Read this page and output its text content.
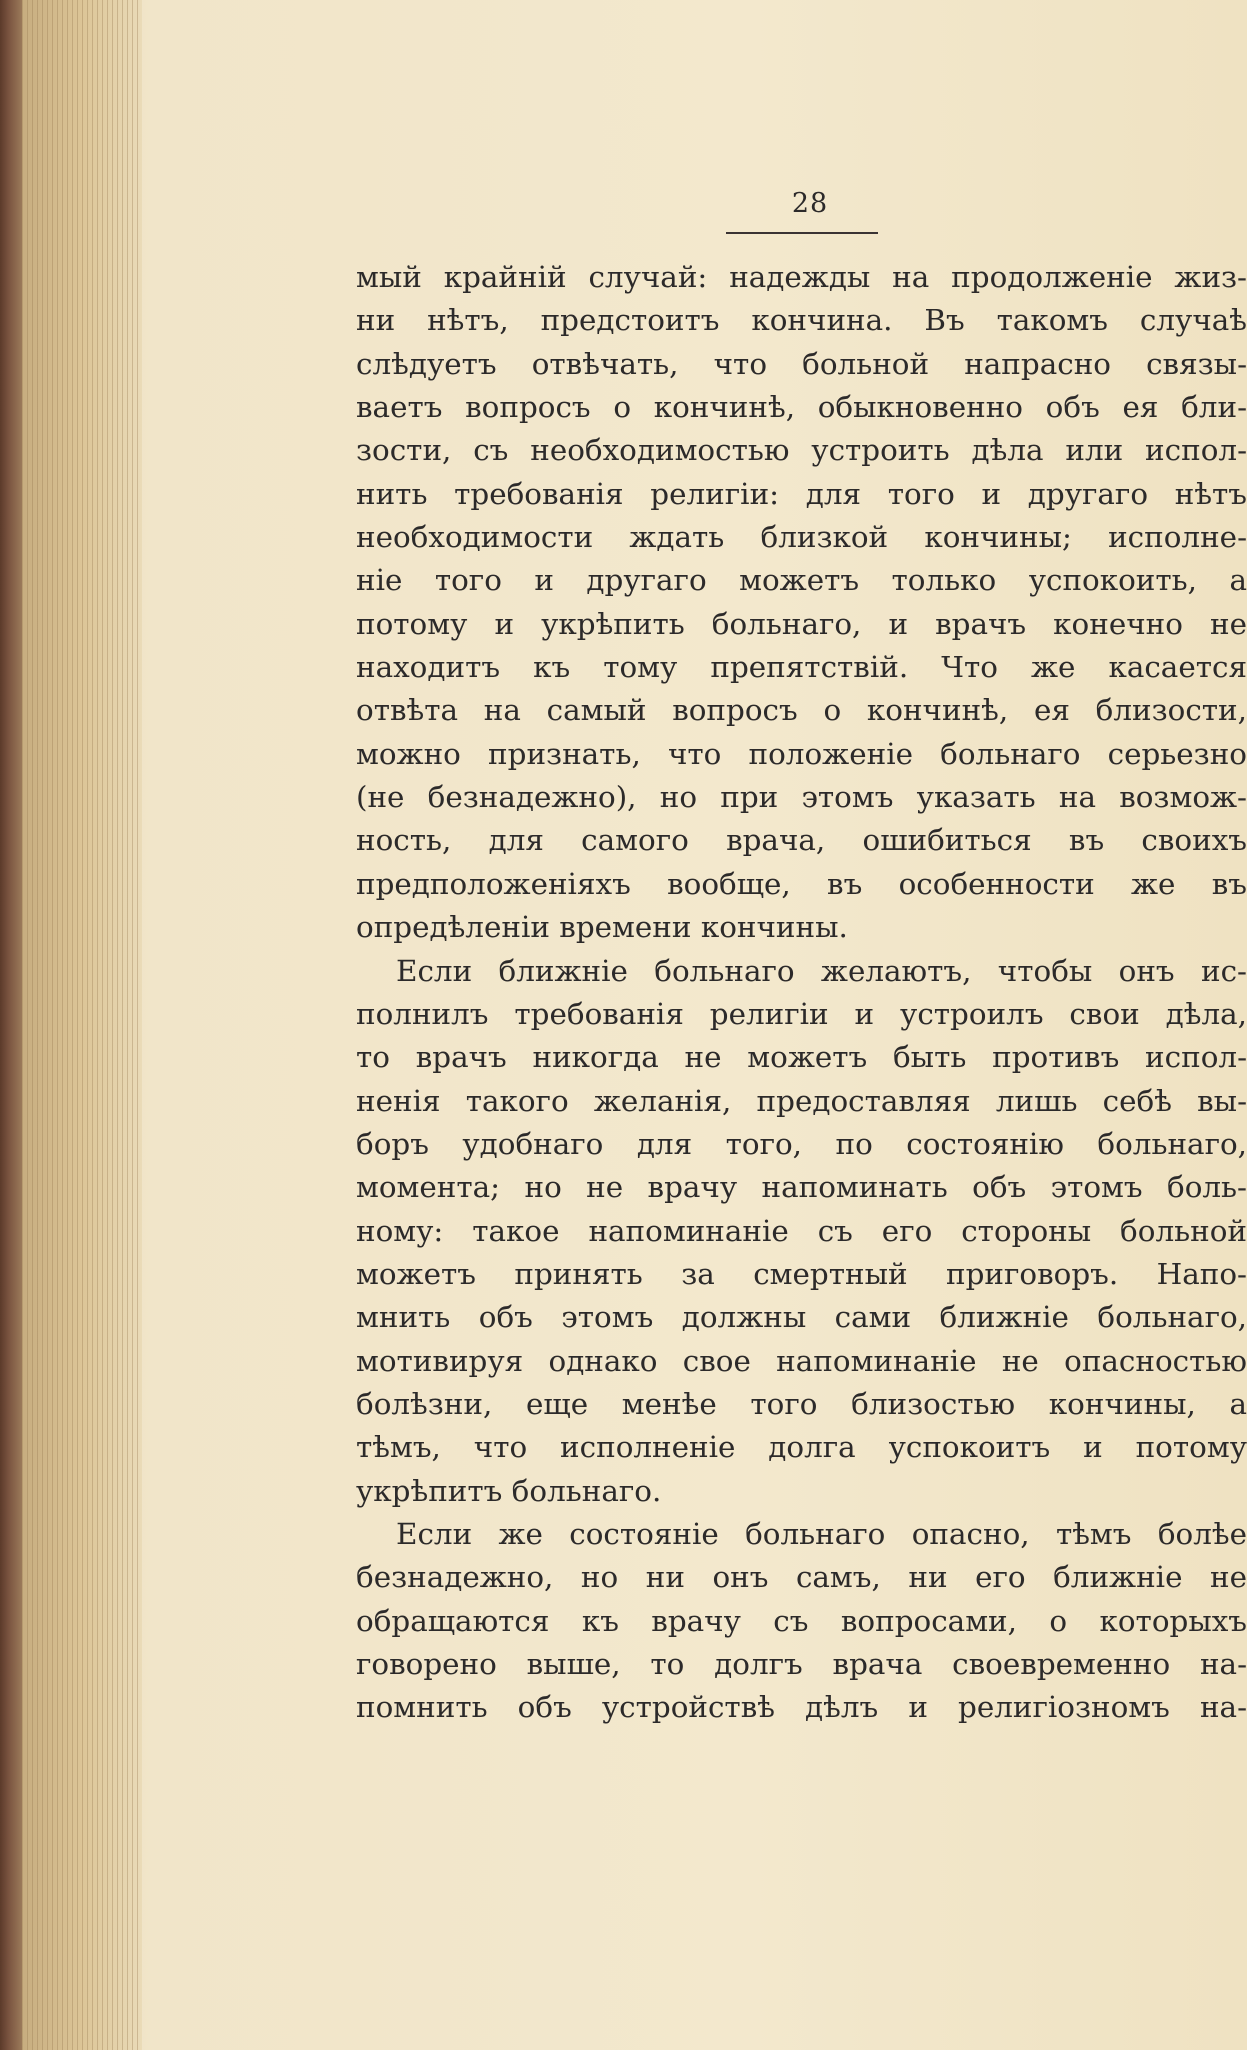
28
мый крайній случай: надежды на продолженіе жиз-
ни нѣтъ, предстоитъ кончина. Въ такомъ случаѣ
слѣдуетъ отвѣчать, что больной напрасно связы-
ваетъ вопросъ о кончинѣ, обыкновенно объ ея бли-
зости, съ необходимостью устроить дѣла или испол-
нить требованія религіи: для того и другаго нѣтъ
необходимости ждать близкой кончины; исполне-
ніе того и другаго можетъ только успокоить, а
потому и укрѣпить больнаго, и врачъ конечно не
находитъ къ тому препятствій. Что же касается
отвѣта на самый вопросъ о кончинѣ, ея близости,
можно признать, что положеніе больнаго серьезно
(не безнадежно), но при этомъ указать на возмож-
ность, для самого врача, ошибиться въ своихъ
предположеніяхъ вообще, въ особенности же въ
опредѣленіи времени кончины.
Если ближніе больнаго желаютъ, чтобы онъ ис-
полнилъ требованія религіи и устроилъ свои дѣла,
то врачъ никогда не можетъ быть противъ испол-
ненія такого желанія, предоставляя лишь себѣ вы-
боръ удобнаго для того, по состоянію больнаго,
момента; но не врачу напоминать объ этомъ боль-
ному: такое напоминаніе съ его стороны больной
можетъ принять за смертный приговоръ. Напо-
мнить объ этомъ должны сами ближніе больнаго,
мотивируя однако свое напоминаніе не опасностью
болѣзни, еще менѣе того близостью кончины, а
тѣмъ, что исполненіе долга успокоитъ и потому
укрѣпитъ больнаго.
Если же состояніе больнаго опасно, тѣмъ болѣе
безнадежно, но ни онъ самъ, ни его ближніе не
обращаются къ врачу съ вопросами, о которыхъ
говорено выше, то долгъ врача своевременно на-
помнить объ устройствѣ дѣлъ и религіозномъ на-
